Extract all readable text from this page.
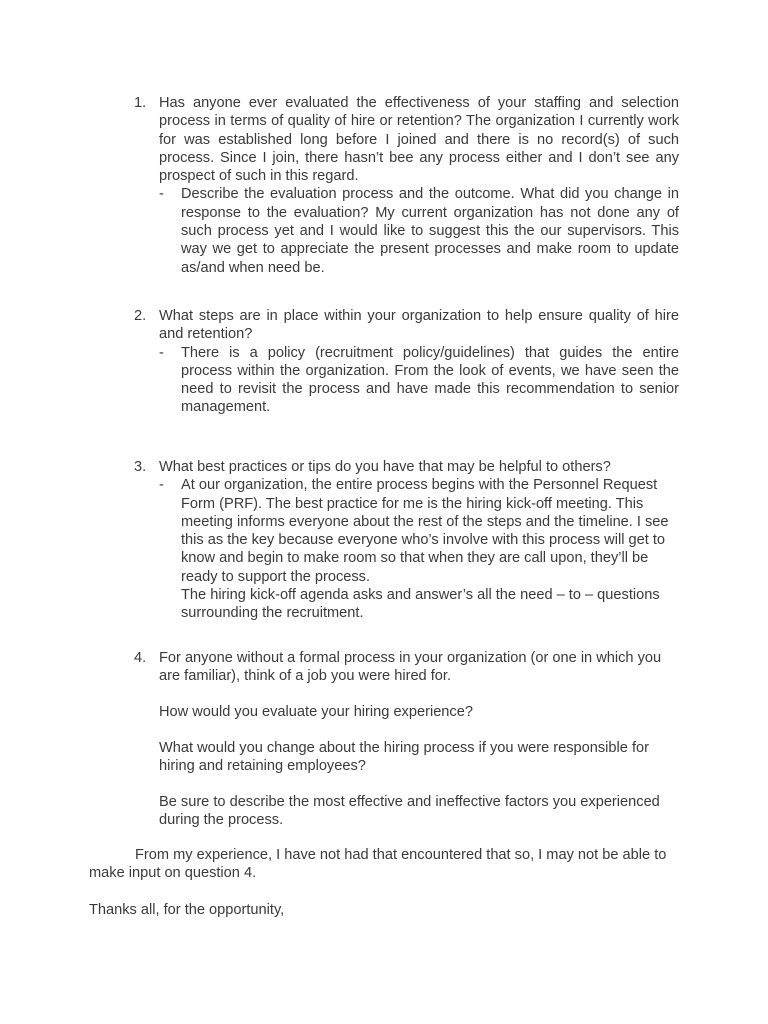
1. Has anyone ever evaluated the effectiveness of your staffing and selection process in terms of quality of hire or retention? The organization I currently work for was established long before I joined and there is no record(s) of such process. Since I join, there hasn’t bee any process either and I don’t see any prospect of such in this regard.
-	Describe the evaluation process and the outcome. What did you change in response to the evaluation? My current organization has not done any of such process yet and I would like to suggest this the our supervisors. This way we get to appreciate the present processes and make room to update as/and when need be.
2. What steps are in place within your organization to help ensure quality of hire and retention?
-	There is a policy (recruitment policy/guidelines) that guides the entire process within the organization. From the look of events, we have seen the need to revisit the process and have made this recommendation to senior management.
3. What best practices or tips do you have that may be helpful to others?
-	At our organization, the entire process begins with the Personnel Request Form (PRF). The best practice for me is the hiring kick-off meeting. This meeting informs everyone about the rest of the steps and the timeline. I see this as the key because everyone who’s involve with this process will get to know and begin to make room so that when they are call upon, they’ll be ready to support the process.
The hiring kick-off agenda asks and answer’s all the need – to – questions surrounding the recruitment.
4. For anyone without a formal process in your organization (or one in which you are familiar), think of a job you were hired for.
How would you evaluate your hiring experience?
What would you change about the hiring process if you were responsible for hiring and retaining employees?
Be sure to describe the most effective and ineffective factors you experienced during the process.
From my experience, I have not had that encountered that so, I may not be able to make input on question 4.
Thanks all, for the opportunity,
